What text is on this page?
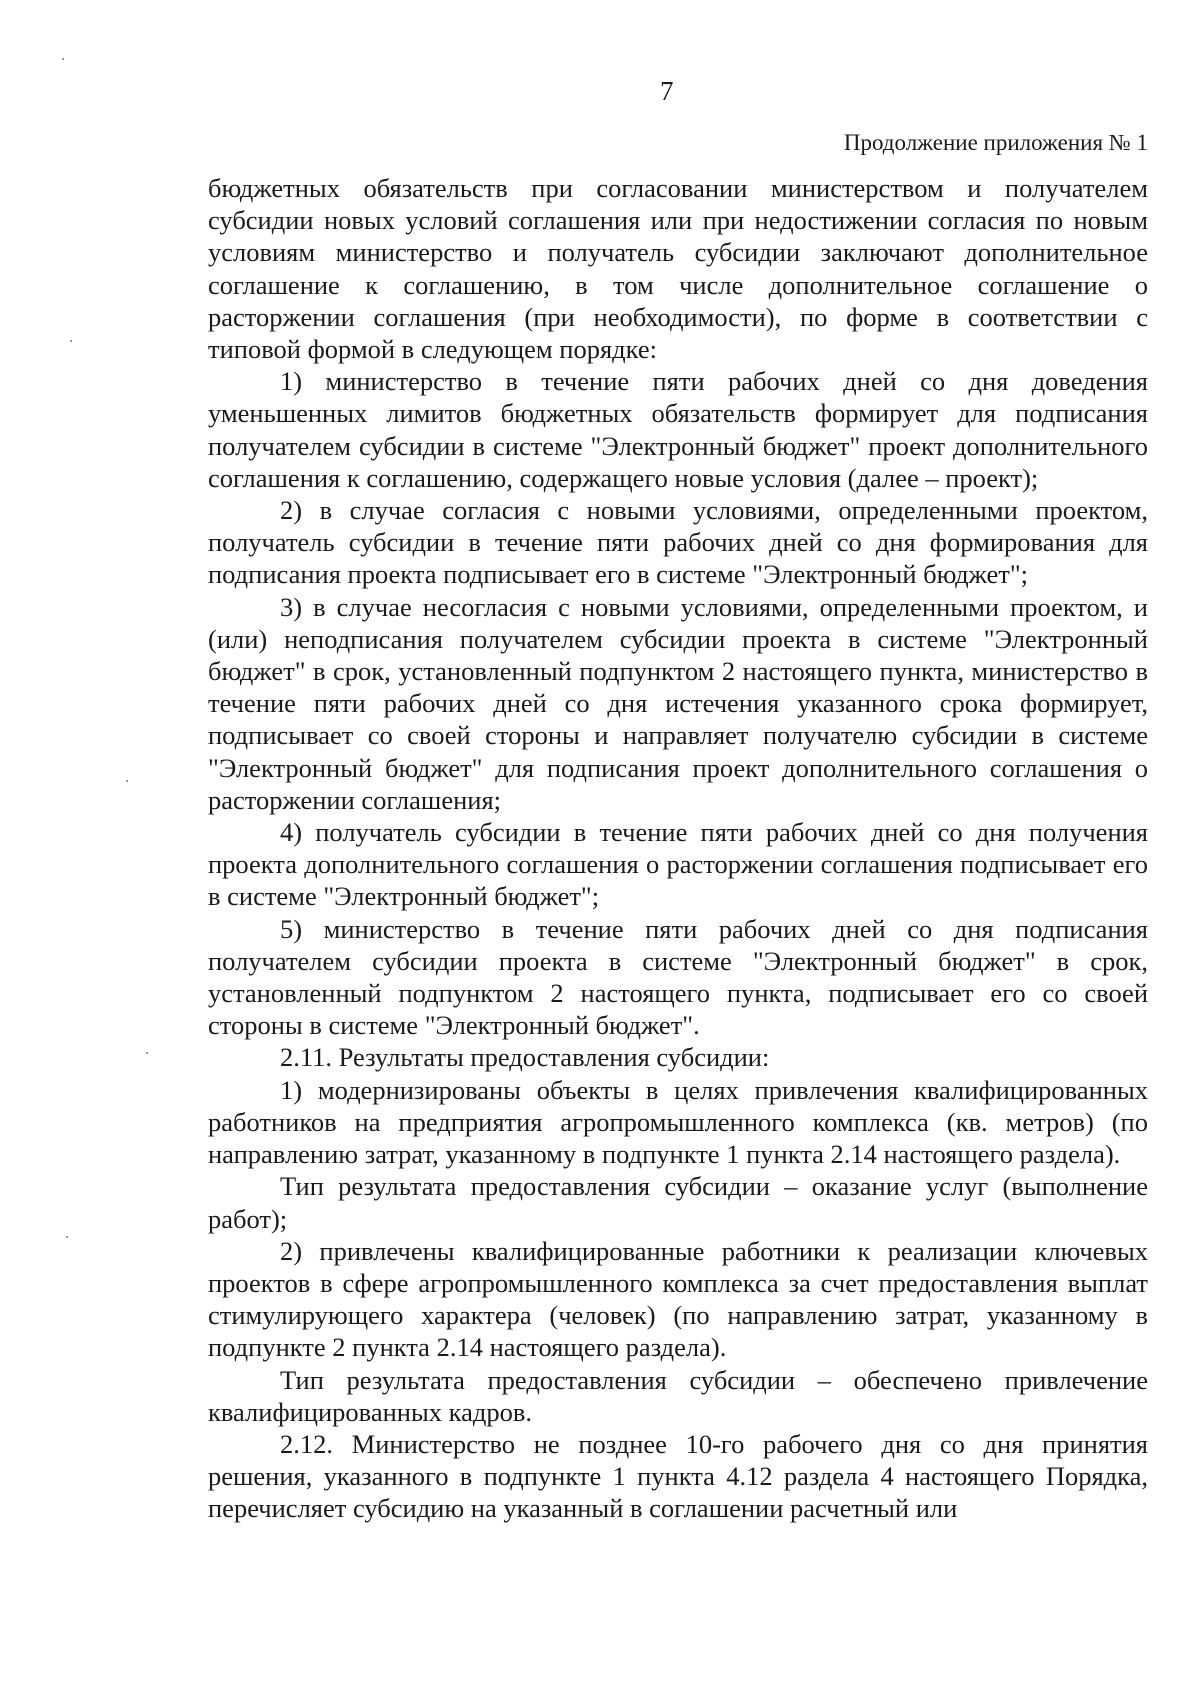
7
Продолжение приложения № 1

бюджетных обязательств при согласовании министерством и получателем субсидии новых условий соглашения или при недостижении согласия по новым условиям министерство и получатель субсидии заключают дополнительное соглашение к соглашению, в том числе дополнительное соглашение о расторжении соглашения (при необходимости), по форме в соответствии с типовой формой в следующем порядке:

1) министерство в течение пяти рабочих дней со дня доведения уменьшенных лимитов бюджетных обязательств формирует для подписания получателем субсидии в системе "Электронный бюджет" проект дополнительного соглашения к соглашению, содержащего новые условия (далее – проект);

2) в случае согласия с новыми условиями, определенными проектом, получатель субсидии в течение пяти рабочих дней со дня формирования для подписания проекта подписывает его в системе "Электронный бюджет";

3) в случае несогласия с новыми условиями, определенными проектом, и (или) неподписания получателем субсидии проекта в системе "Электронный бюджет" в срок, установленный подпунктом 2 настоящего пункта, министерство в течение пяти рабочих дней со дня истечения указанного срока формирует, подписывает со своей стороны и направляет получателю субсидии в системе "Электронный бюджет" для подписания проект дополнительного соглашения о расторжении соглашения;

4) получатель субсидии в течение пяти рабочих дней со дня получения проекта дополнительного соглашения о расторжении соглашения подписывает его в системе "Электронный бюджет";

5) министерство в течение пяти рабочих дней со дня подписания получателем субсидии проекта в системе "Электронный бюджет" в срок, установленный подпунктом 2 настоящего пункта, подписывает его со своей стороны в системе "Электронный бюджет".

2.11. Результаты предоставления субсидии:

1) модернизированы объекты в целях привлечения квалифицированных работников на предприятия агропромышленного комплекса (кв. метров) (по направлению затрат, указанному в подпункте 1 пункта 2.14 настоящего раздела).

Тип результата предоставления субсидии – оказание услуг (выполнение работ);

2) привлечены квалифицированные работники к реализации ключевых проектов в сфере агропромышленного комплекса за счет предоставления выплат стимулирующего характера (человек) (по направлению затрат, указанному в подпункте 2 пункта 2.14 настоящего раздела).

Тип результата предоставления субсидии – обеспечено привлечение квалифицированных кадров.

2.12. Министерство не позднее 10-го рабочего дня со дня принятия решения, указанного в подпункте 1 пункта 4.12 раздела 4 настоящего Порядка, перечисляет субсидию на указанный в соглашении расчетный или
